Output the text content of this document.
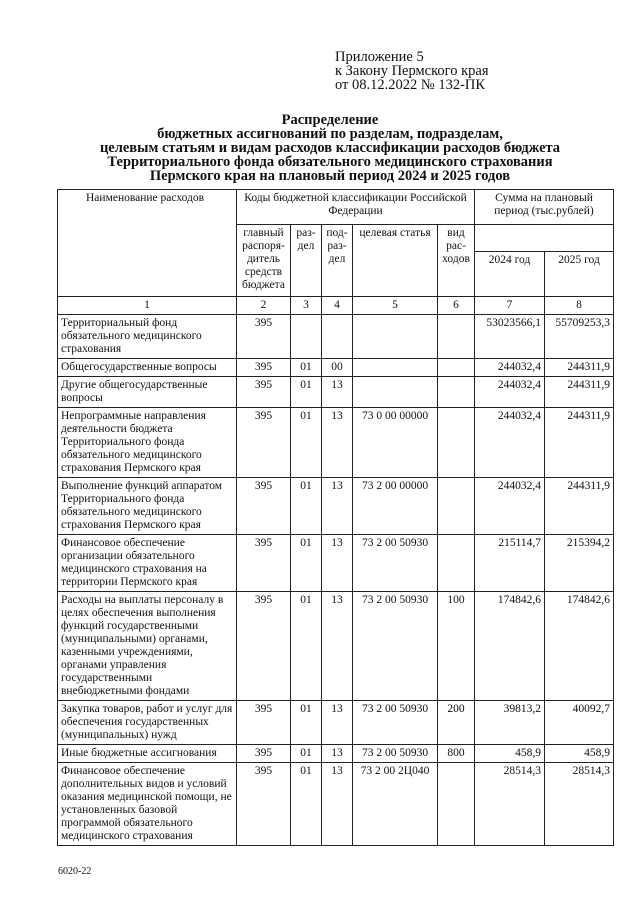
Приложение 5
к Закону Пермского края
от 08.12.2022 № 132-ПК
Распределение
бюджетных ассигнований по разделам, подразделам,
целевым статьям и видам расходов классификации расходов бюджета
Территориального фонда обязательного медицинского страхования
Пермского края на плановый период 2024 и 2025 годов
Наименование расходов	Коды бюджетной классификации Российской Федерации					Сумма на плановый период (тыс.рублей)	
	главный распоря-дитель средств бюджета	раз-дел	под-раз-дел	целевая статья	вид рас-ходов		
						2024 год	2025 год
1	2	3	4	5	6	7	8
Территориальный фонд обязательного медицинского страхования	395					53023566,1	55709253,3
Общегосударственные вопросы	395	01	00			244032,4	244311,9
Другие общегосударственные вопросы	395	01	13			244032,4	244311,9
Непрограммные направления деятельности бюджета Территориального фонда обязательного медицинского страхования Пермского края	395	01	13	73 0 00 00000		244032,4	244311,9
Выполнение функций аппаратом Территориального фонда обязательного медицинского страхования Пермского края	395	01	13	73 2 00 00000		244032,4	244311,9
Финансовое обеспечение организации обязательного медицинского страхования на территории Пермского края	395	01	13	73 2 00 50930		215114,7	215394,2
Расходы на выплаты персоналу в целях обеспечения выполнения функций государственными (муниципальными) органами, казенными учреждениями, органами управления государственными внебюджетными фондами	395	01	13	73 2 00 50930	100	174842,6	174842,6
Закупка товаров, работ и услуг для обеспечения государственных (муниципальных) нужд	395	01	13	73 2 00 50930	200	39813,2	40092,7
Иные бюджетные ассигнования	395	01	13	73 2 00 50930	800	458,9	458,9
Финансовое обеспечение дополнительных видов и условий оказания медицинской помощи, не установленных базовой программой обязательного медицинского страхования	395	01	13	73 2 00 2Ц040		28514,3	28514,3
6020-22
